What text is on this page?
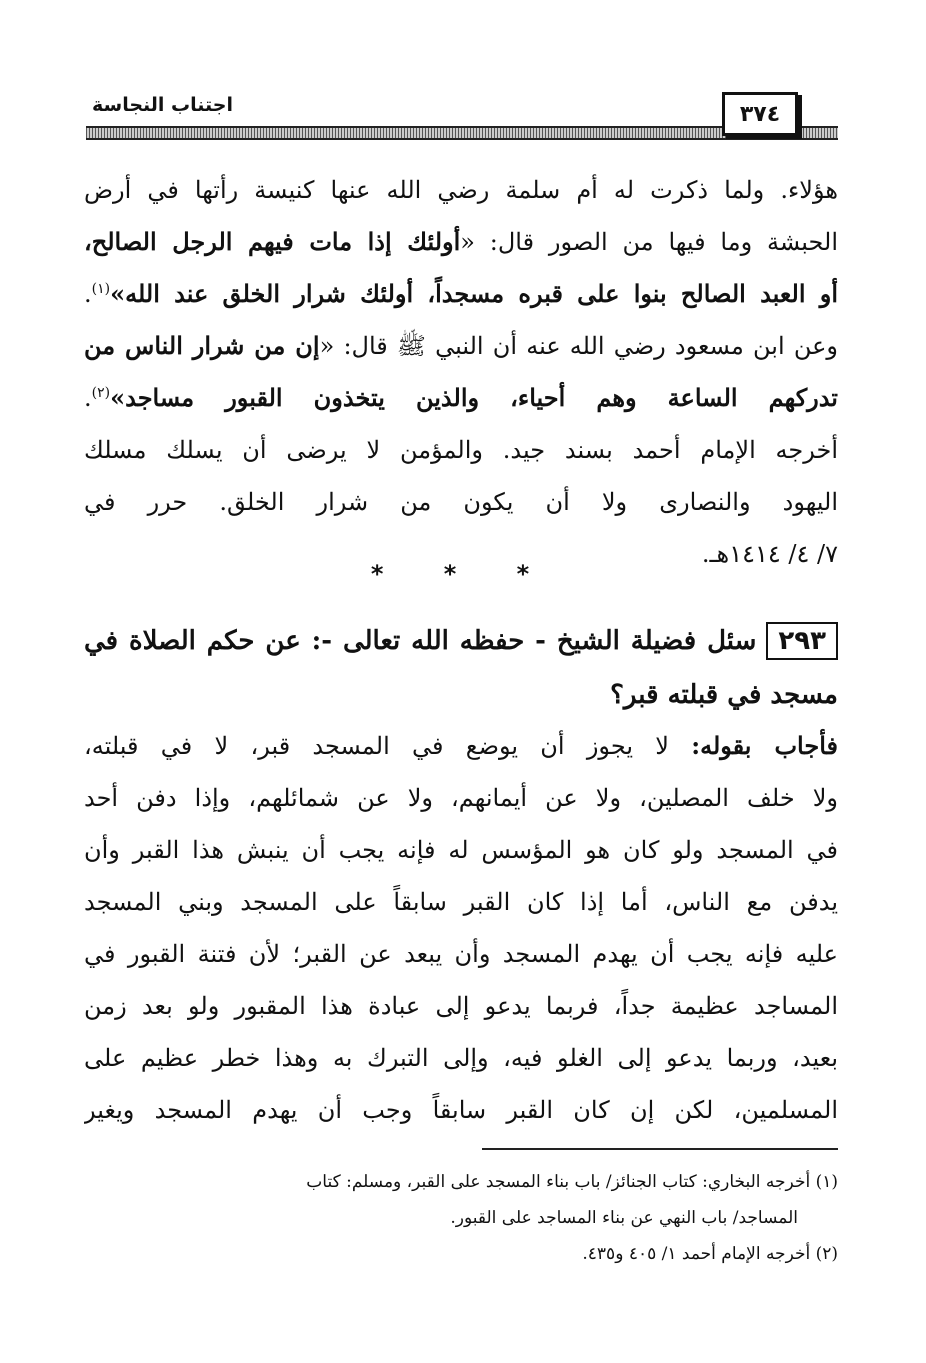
٣٧٤
اجتناب النجاسة
هؤلاء. ولما ذكرت له أم سلمة رضي الله عنها كنيسة رأتها في أرض
الحبشة وما فيها من الصور قال: «أولئك إذا مات فيهم الرجل الصالح،
أو العبد الصالح بنوا على قبره مسجداً، أولئك شرار الخلق عند الله»$^{(١)}$.
وعن ابن مسعود رضي الله عنه أن النبي ﷺ قال: «إن من شرار الناس من
تدركهم الساعة وهم أحياء، والذين يتخذون القبور مساجد»$^{(٢)}$.
أخرجه الإمام أحمد بسند جيد. والمؤمن لا يرضى أن يسلك مسلك
اليهود والنصارى ولا أن يكون من شرار الخلق. حرر في
٧/ ٤/ ١٤١٤هـ.
* * *
٢٩٣سئل فضيلة الشيخ - حفظه الله تعالى -: عن حكم الصلاة في
مسجد في قبلته قبر؟
فأجاب بقوله: لا يجوز أن يوضع في المسجد قبر، لا في قبلته،
ولا خلف المصلين، ولا عن أيمانهم، ولا عن شمائلهم، وإذا دفن أحد
في المسجد ولو كان هو المؤسس له فإنه يجب أن ينبش هذا القبر وأن
يدفن مع الناس، أما إذا كان القبر سابقاً على المسجد وبني المسجد
عليه فإنه يجب أن يهدم المسجد وأن يبعد عن القبر؛ لأن فتنة القبور في
المساجد عظيمة جداً، فربما يدعو إلى عبادة هذا المقبور ولو بعد زمن
بعيد، وربما يدعو إلى الغلو فيه، وإلى التبرك به وهذا خطر عظيم على
المسلمين، لكن إن كان القبر سابقاً وجب أن يهدم المسجد ويغير
(١) أخرجه البخاري: كتاب الجنائز/ باب بناء المسجد على القبر، ومسلم: كتاب
المساجد/ باب النهي عن بناء المساجد على القبور.
(٢) أخرجه الإمام أحمد ١/ ٤٠٥ و٤٣٥.
